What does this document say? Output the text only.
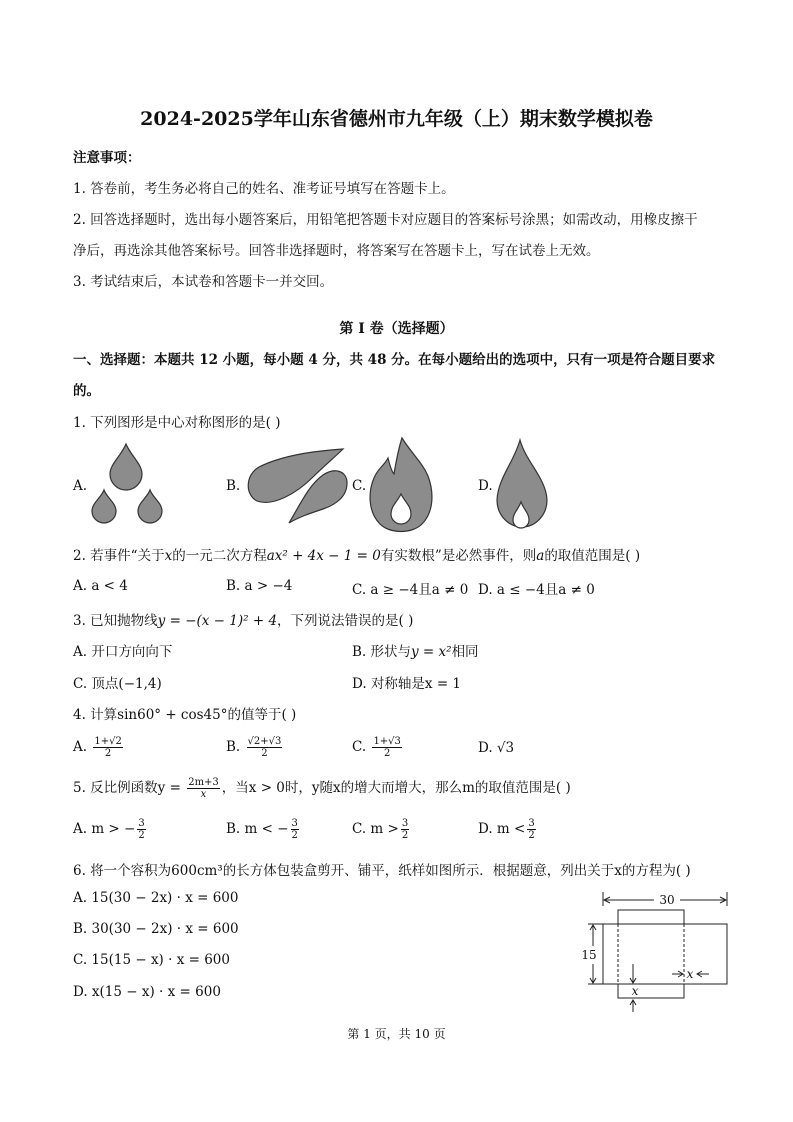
2024-2025学年山东省德州市九年级（上）期末数学模拟卷
注意事项：
1. 答卷前，考生务必将自己的姓名、准考证号填写在答题卡上。
2. 回答选择题时，选出每小题答案后，用铅笔把答题卡对应题目的答案标号涂黑；如需改动，用橡皮擦干
净后，再选涂其他答案标号。回答非选择题时，将答案写在答题卡上，写在试卷上无效。
3. 考试结束后，本试卷和答题卡一并交回。
第 I 卷（选择题）
一、选择题：本题共 12 小题，每小题 4 分，共 48 分。在每小题给出的选项中，只有一项是符合题目要求
的。
1. 下列图形是中心对称图形的是( )
A.	B.	C.	D.
2. 若事件“关于x的一元二次方程ax² + 4x − 1 = 0有实数根”是必然事件，则a的取值范围是( )
A. a < 4	B. a > −4	C. a ≥ −4且a ≠ 0 D. a ≤ −4且a ≠ 0
3. 已知抛物线y = −(x − 1)² + 4，下列说法错误的是( )
A. 开口方向向下	B. 形状与y = x²相同
C. 顶点(−1,4)	D. 对称轴是x = 1
4. 计算sin60° + cos45°的值等于( )
A. $\frac{1+√2}{2}$	B. $\frac{√2+√3}{2}$	C. $\frac{1+√3}{2}$	D. √3
5. 反比例函数$y = \frac{2m+3}{x}$ ，当x > 0时，y随x的增大而增大，那么m的取值范围是( )
A. m > − $\frac{3}{2}$	B. m < − $\frac{3}{2}$	C. $m > \frac{3}{2}$	D. $m < \frac{3}{2}$
6. 将一个容积为600cm³的长方体包装盒剪开、铺平，纸样如图所示．根据题意，列出关于x的方程为( )
A. 15(30 − 2x) · x = 600
B. 30(30 − 2x) · x = 600
C. 15(15 − x) · x = 600
D. x(15 − x) · x = 600
30
15
x
x
第 1 页，共 10 页
